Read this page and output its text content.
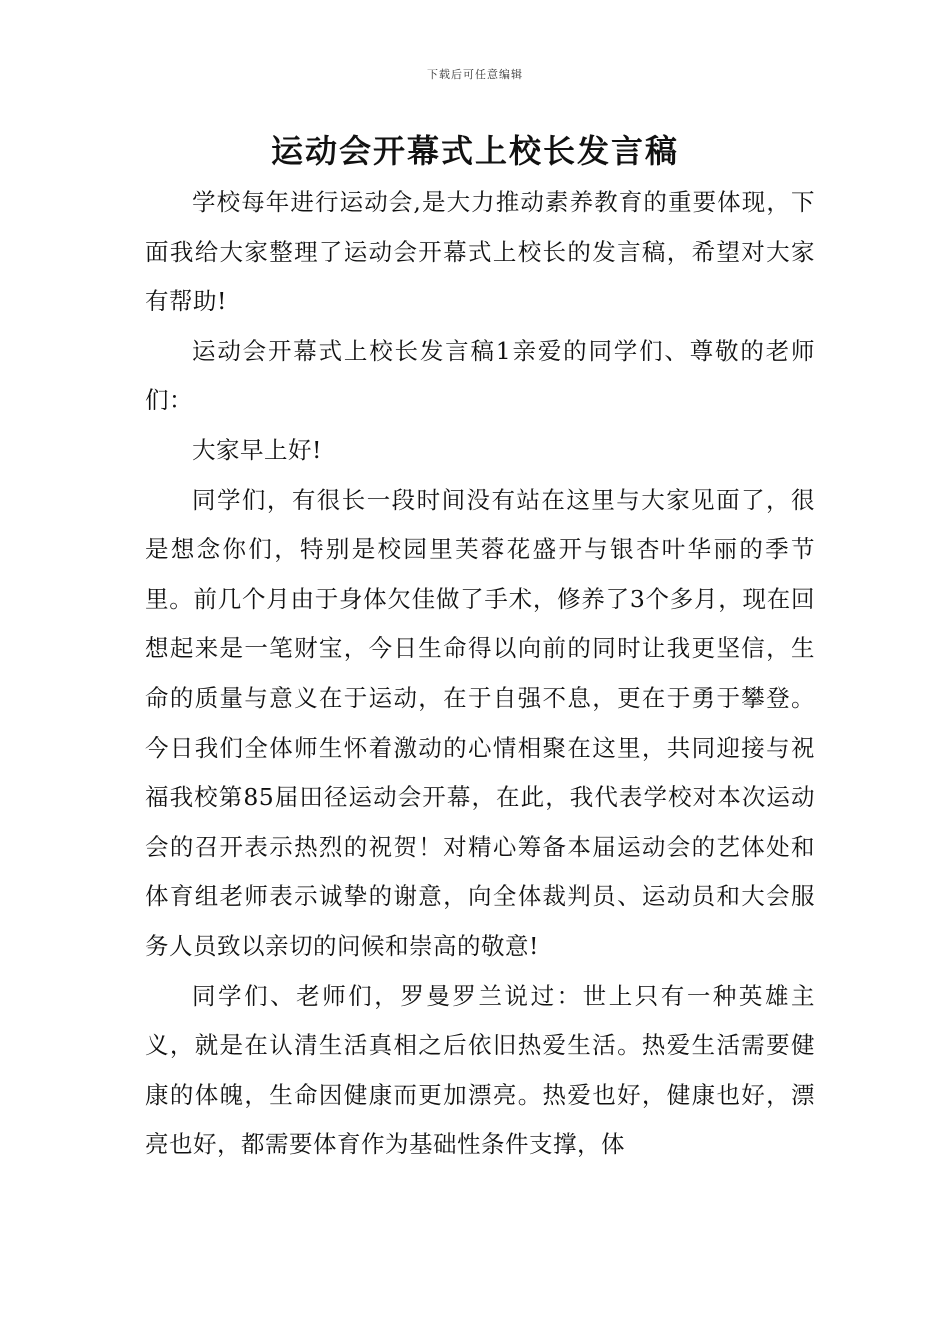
下载后可任意编辑
运动会开幕式上校长发言稿

学校每年进行运动会,是大力推动素养教育的重要体现，下面我给大家整理了运动会开幕式上校长的发言稿，希望对大家有帮助!

运动会开幕式上校长发言稿1亲爱的同学们、尊敬的老师们：

大家早上好!

同学们，有很长一段时间没有站在这里与大家见面了，很是想念你们，特别是校园里芙蓉花盛开与银杏叶华丽的季节里。前几个月由于身体欠佳做了手术，修养了3个多月，现在回想起来是一笔财宝，今日生命得以向前的同时让我更坚信，生命的质量与意义在于运动，在于自强不息，更在于勇于攀登。今日我们全体师生怀着激动的心情相聚在这里，共同迎接与祝福我校第85届田径运动会开幕，在此，我代表学校对本次运动会的召开表示热烈的祝贺！对精心筹备本届运动会的艺体处和体育组老师表示诚挚的谢意，向全体裁判员、运动员和大会服务人员致以亲切的问候和崇高的敬意!

同学们、老师们，罗曼罗兰说过：世上只有一种英雄主义，就是在认清生活真相之后依旧热爱生活。热爱生活需要健康的体魄，生命因健康而更加漂亮。热爱也好，健康也好，漂亮也好，都需要体育作为基础性条件支撑，体
